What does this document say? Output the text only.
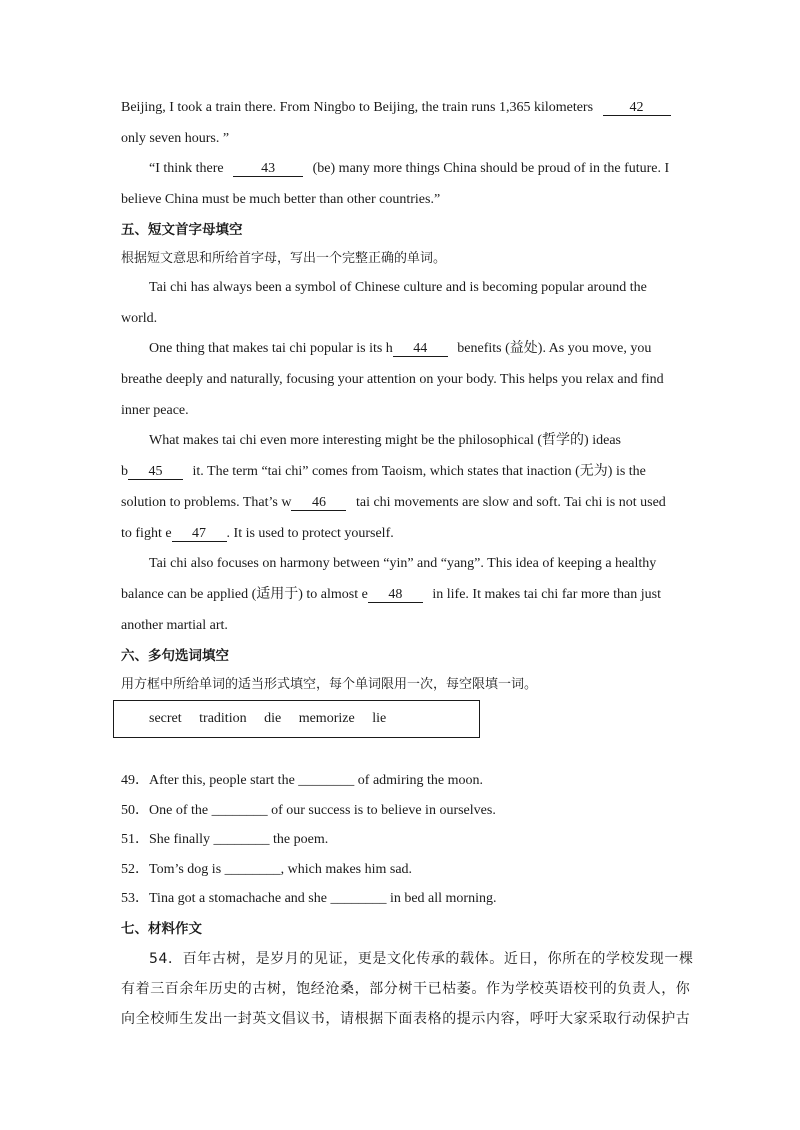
Beijing, I took a train there. From Ningbo to Beijing, the train runs 1,365 kilometers	42
only seven hours. ”
“I think there	43	(be) many more things China should be proud of in the future. I
believe China must be much better than other countries.”
五、短文首字母填空
根据短文意思和所给首字母，写出一个完整正确的单词。
Tai chi has always been a symbol of Chinese culture and is becoming popular around the
world.
One thing that makes tai chi popular is its h 44 benefits (益处). As you move, you
breathe deeply and naturally, focusing your attention on your body. This helps you relax and find
inner peace.
What makes tai chi even more interesting might be the philosophical (哲学的) ideas
b 45 it. The term “tai chi” comes from Taoism, which states that inaction (无为) is the
solution to problems. That’s w 46 tai chi movements are slow and soft. Tai chi is not used
to fight e 47 . It is used to protect yourself.
Tai chi also focuses on harmony between “yin” and “yang”. This idea of keeping a healthy
balance can be applied (适用于) to almost e 48 in life. It makes tai chi far more than just
another martial art.
六、多句选词填空
用方框中所给单词的适当形式填空，每个单词限用一次，每空限填一词。
secret tradition die memorize lie
49．After this, people start the ________ of admiring the moon.
50．One of the ________ of our success is to believe in ourselves.
51．She finally ________ the poem.
52．Tom’s dog is ________, which makes him sad.
53．Tina got a stomachache and she ________ in bed all morning.
七、材料作文
54．百年古树，是岁月的见证，更是文化传承的载体。近日，你所在的学校发现一棵
有着三百余年历史的古树，饱经沧桑，部分树干已枯萎。作为学校英语校刊的负责人，你
向全校师生发出一封英文倡议书，请根据下面表格的提示内容，呼吁大家采取行动保护古
